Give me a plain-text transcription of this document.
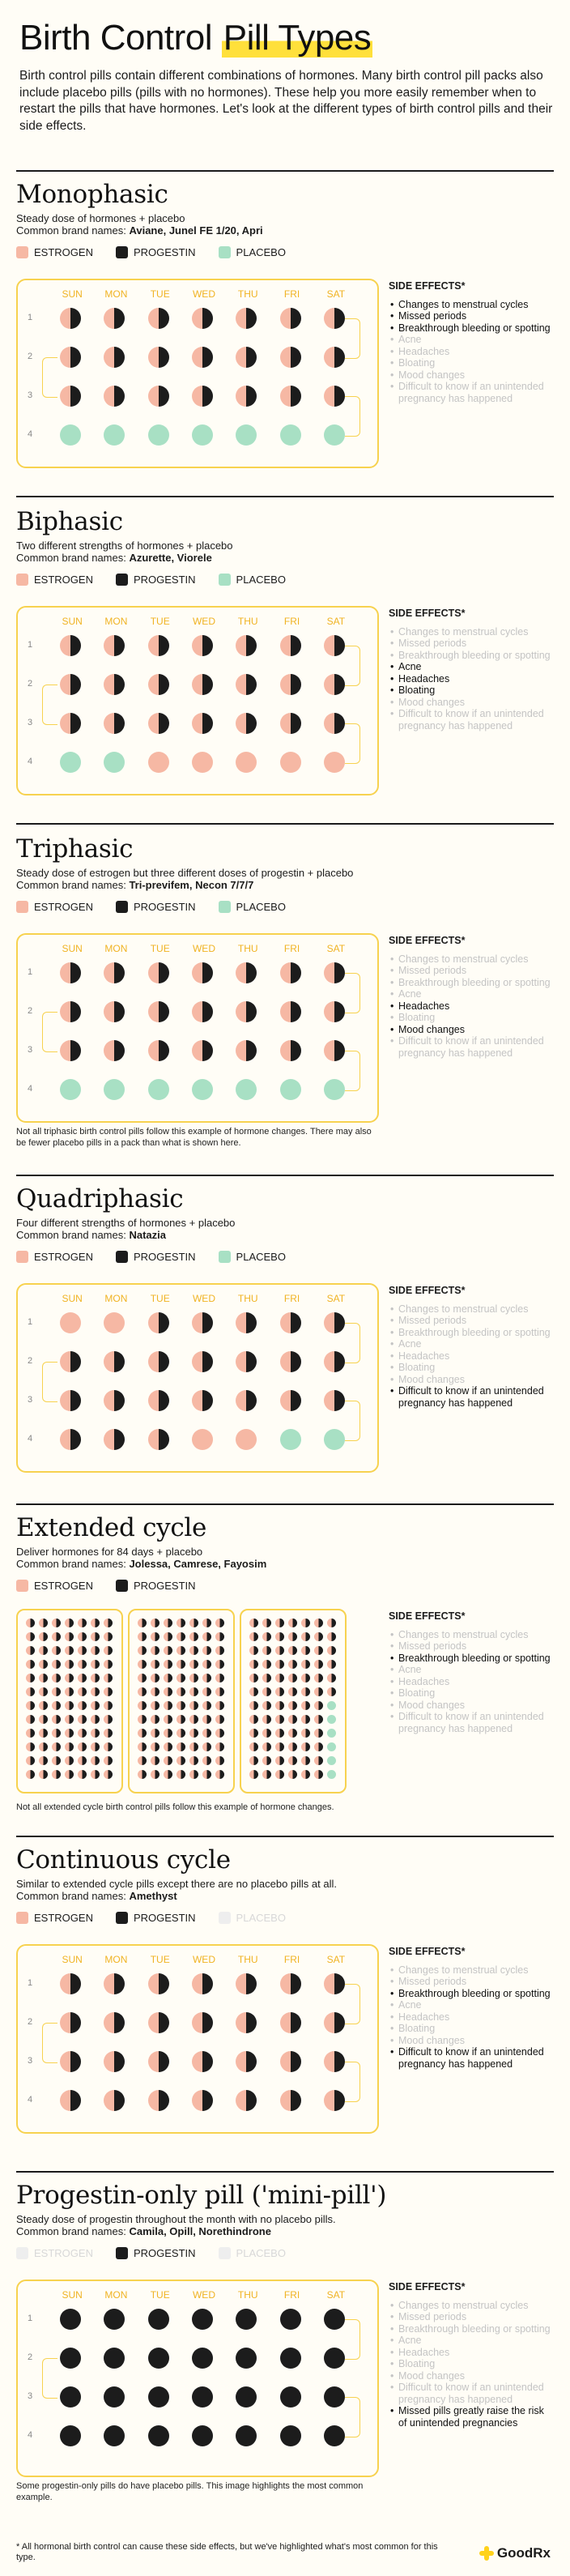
Birth Control Pill Types
Birth control pills contain different combinations of hormones. Many birth control pill packs also include placebo pills (pills with no hormones). These help you more easily remember when to restart the pills that have hormones. Let's look at the different types of birth control pills and their side effects.
* All hormonal birth control can cause these side effects, but we've highlighted what's most common for this type.	GoodRx
Monophasic
Steady dose of hormones + placebo
Common brand names: Aviane, Junel FE 1/20, Apri
ESTROGEN	PROGESTIN	PLACEBO
SUN	MON	TUE	WED	THU	FRI	SAT
1
2
3
4
SIDE EFFECTS*
• Changes to menstrual cycles
• Missed periods
• Breakthrough bleeding or spotting
• Acne
• Headaches
• Bloating
• Mood changes
• Difficult to know if an unintended pregnancy has happened
Biphasic
Two different strengths of hormones + placebo
Common brand names: Azurette, Viorele
ESTROGEN	PROGESTIN	PLACEBO
SUN	MON	TUE	WED	THU	FRI	SAT
1
2
3
4
SIDE EFFECTS*
• Changes to menstrual cycles
• Missed periods
• Breakthrough bleeding or spotting
• Acne
• Headaches
• Bloating
• Mood changes
• Difficult to know if an unintended pregnancy has happened
Triphasic
Steady dose of estrogen but three different doses of progestin + placebo
Common brand names: Tri-previfem, Necon 7/7/7
ESTROGEN	PROGESTIN	PLACEBO
SUN	MON	TUE	WED	THU	FRI	SAT
1
2
3
4
SIDE EFFECTS*
• Changes to menstrual cycles
• Missed periods
• Breakthrough bleeding or spotting
• Acne
• Headaches
• Bloating
• Mood changes
• Difficult to know if an unintended pregnancy has happened
Not all triphasic birth control pills follow this example of hormone changes. There may also be fewer placebo pills in a pack than what is shown here.
Quadriphasic
Four different strengths of hormones + placebo
Common brand names: Natazia
ESTROGEN	PROGESTIN	PLACEBO
SUN	MON	TUE	WED	THU	FRI	SAT
1
2
3
4
SIDE EFFECTS*
• Changes to menstrual cycles
• Missed periods
• Breakthrough bleeding or spotting
• Acne
• Headaches
• Bloating
• Mood changes
• Difficult to know if an unintended pregnancy has happened
Extended cycle
Deliver hormones for 84 days + placebo
Common brand names: Jolessa, Camrese, Fayosim
ESTROGEN	PROGESTIN
SIDE EFFECTS*
• Changes to menstrual cycles
• Missed periods
• Breakthrough bleeding or spotting
• Acne
• Headaches
• Bloating
• Mood changes
• Difficult to know if an unintended pregnancy has happened
Not all extended cycle birth control pills follow this example of hormone changes.
Continuous cycle
Similar to extended cycle pills except there are no placebo pills at all.
Common brand names: Amethyst
ESTROGEN	PROGESTIN	PLACEBO
SUN	MON	TUE	WED	THU	FRI	SAT
1
2
3
4
SIDE EFFECTS*
• Changes to menstrual cycles
• Missed periods
• Breakthrough bleeding or spotting
• Acne
• Headaches
• Bloating
• Mood changes
• Difficult to know if an unintended pregnancy has happened
Progestin-only pill ('mini-pill')
Steady dose of progestin throughout the month with no placebo pills.
Common brand names: Camila, Opill, Norethindrone
ESTROGEN	PROGESTIN	PLACEBO
SUN	MON	TUE	WED	THU	FRI	SAT
1
2
3
4
SIDE EFFECTS*
• Changes to menstrual cycles
• Missed periods
• Breakthrough bleeding or spotting
• Acne
• Headaches
• Bloating
• Mood changes
• Difficult to know if an unintended pregnancy has happened
• Missed pills greatly raise the risk of unintended pregnancies
Some progestin-only pills do have placebo pills. This image highlights the most common example.
